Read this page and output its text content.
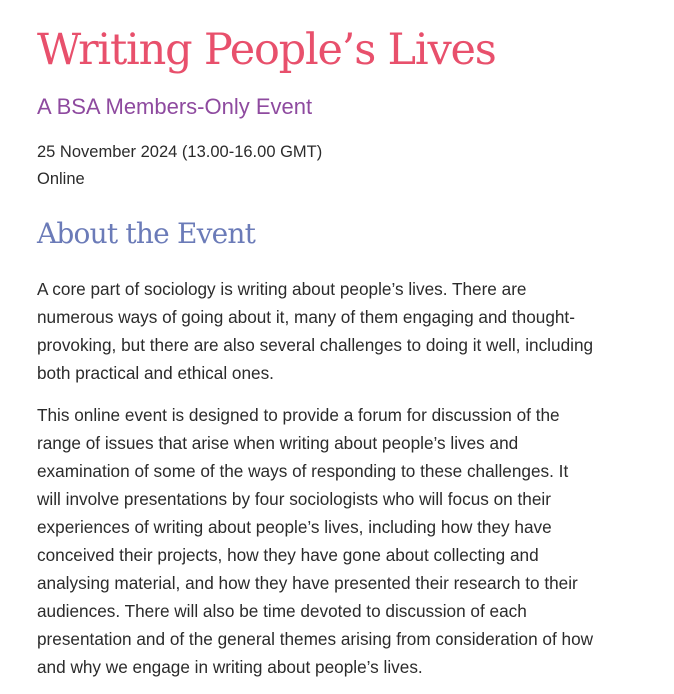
Writing People’s Lives
A BSA Members-Only Event

25 November 2024 (13.00-16.00 GMT)

Online

About the Event

A core part of sociology is writing about people’s lives. There are
numerous ways of going about it, many of them engaging and thought-
provoking, but there are also several challenges to doing it well, including
both practical and ethical ones.

This online event is designed to provide a forum for discussion of the
range of issues that arise when writing about people’s lives and
examination of some of the ways of responding to these challenges. It
will involve presentations by four sociologists who will focus on their
experiences of writing about people’s lives, including how they have
conceived their projects, how they have gone about collecting and
analysing material, and how they have presented their research to their
audiences. There will also be time devoted to discussion of each
presentation and of the general themes arising from consideration of how
and why we engage in writing about people’s lives.
